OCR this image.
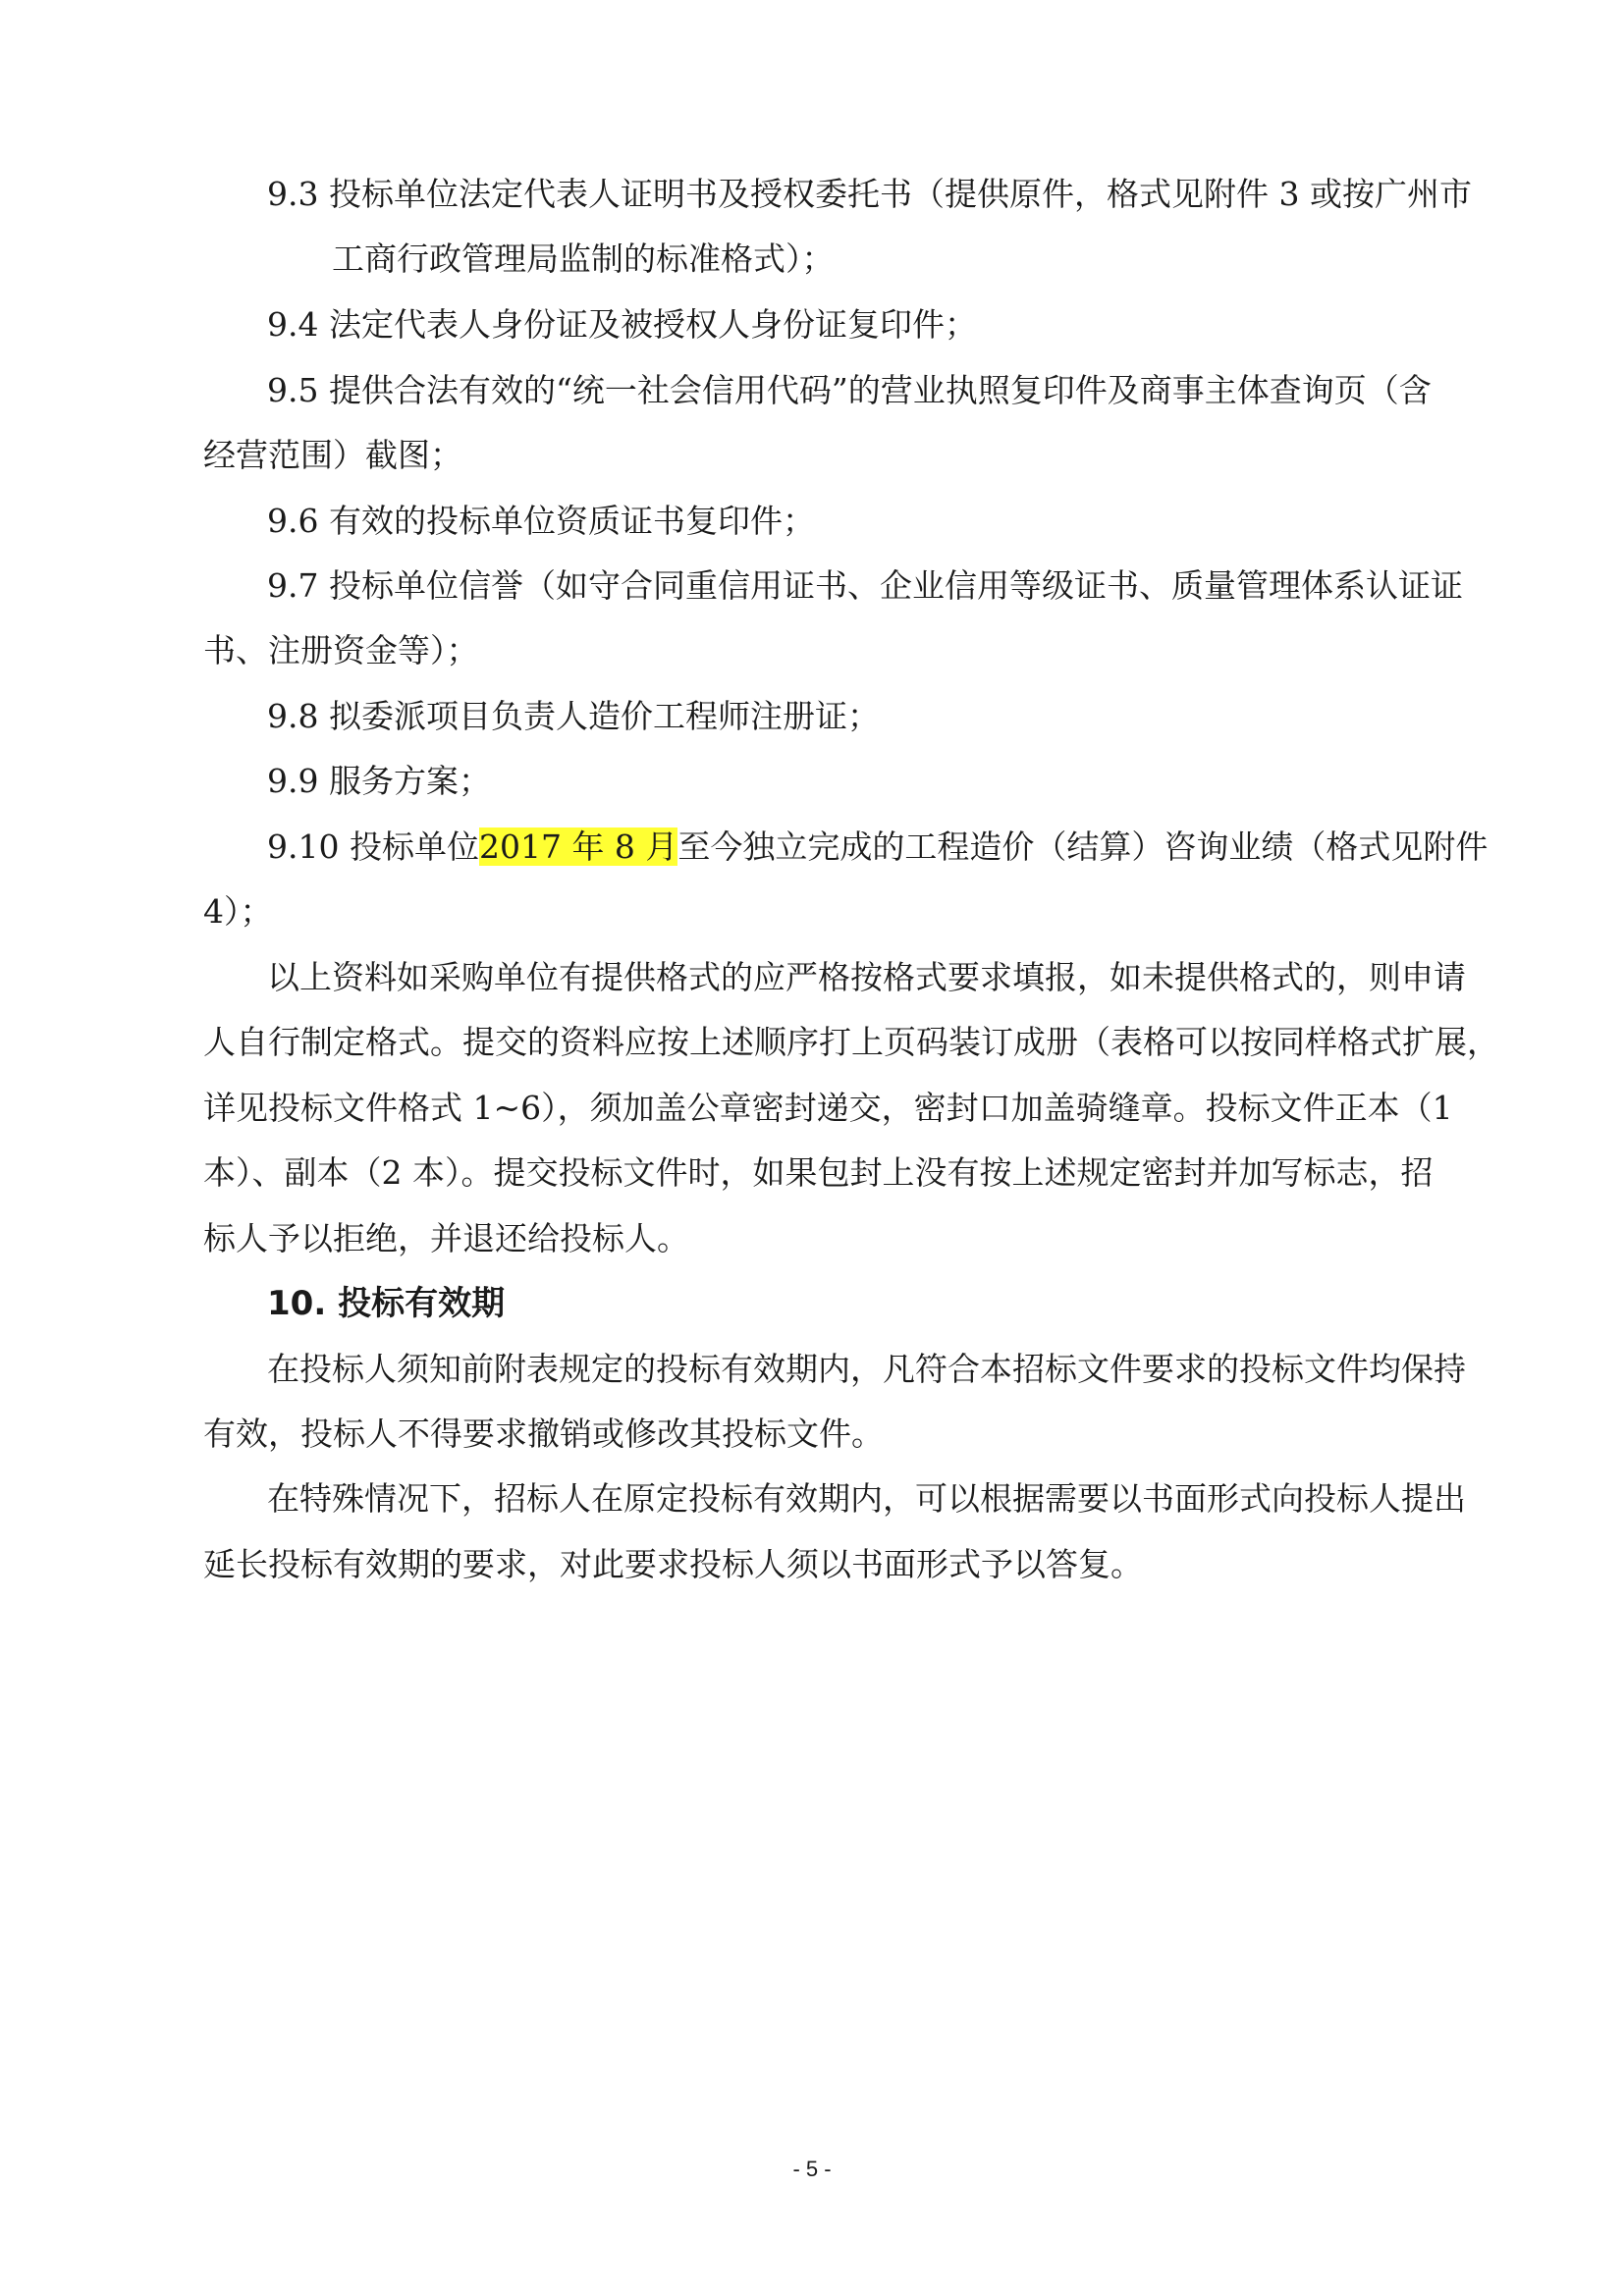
9.3 投标单位法定代表人证明书及授权委托书（提供原件，格式见附件 3 或按广州市

工商行政管理局监制的标准格式）；

9.4 法定代表人身份证及被授权人身份证复印件；

9.5 提供合法有效的“统一社会信用代码”的营业执照复印件及商事主体查询页（含

经营范围）截图；

9.6 有效的投标单位资质证书复印件；

9.7 投标单位信誉（如守合同重信用证书、企业信用等级证书、质量管理体系认证证

书、注册资金等）；

9.8 拟委派项目负责人造价工程师注册证；

9.9 服务方案；

9.10 投标单位2017 年 8 月至今独立完成的工程造价（结算）咨询业绩（格式见附件

4）；

以上资料如采购单位有提供格式的应严格按格式要求填报，如未提供格式的，则申请

人自行制定格式。提交的资料应按上述顺序打上页码装订成册（表格可以按同样格式扩展，

详见投标文件格式 1~6），须加盖公章密封递交，密封口加盖骑缝章。投标文件正本（1

本）、副本（2 本）。提交投标文件时，如果包封上没有按上述规定密封并加写标志，招

标人予以拒绝，并退还给投标人。

10. 投标有效期

在投标人须知前附表规定的投标有效期内，凡符合本招标文件要求的投标文件均保持

有效，投标人不得要求撤销或修改其投标文件。

在特殊情况下，招标人在原定投标有效期内，可以根据需要以书面形式向投标人提出

延长投标有效期的要求，对此要求投标人须以书面形式予以答复。

- 5 -
